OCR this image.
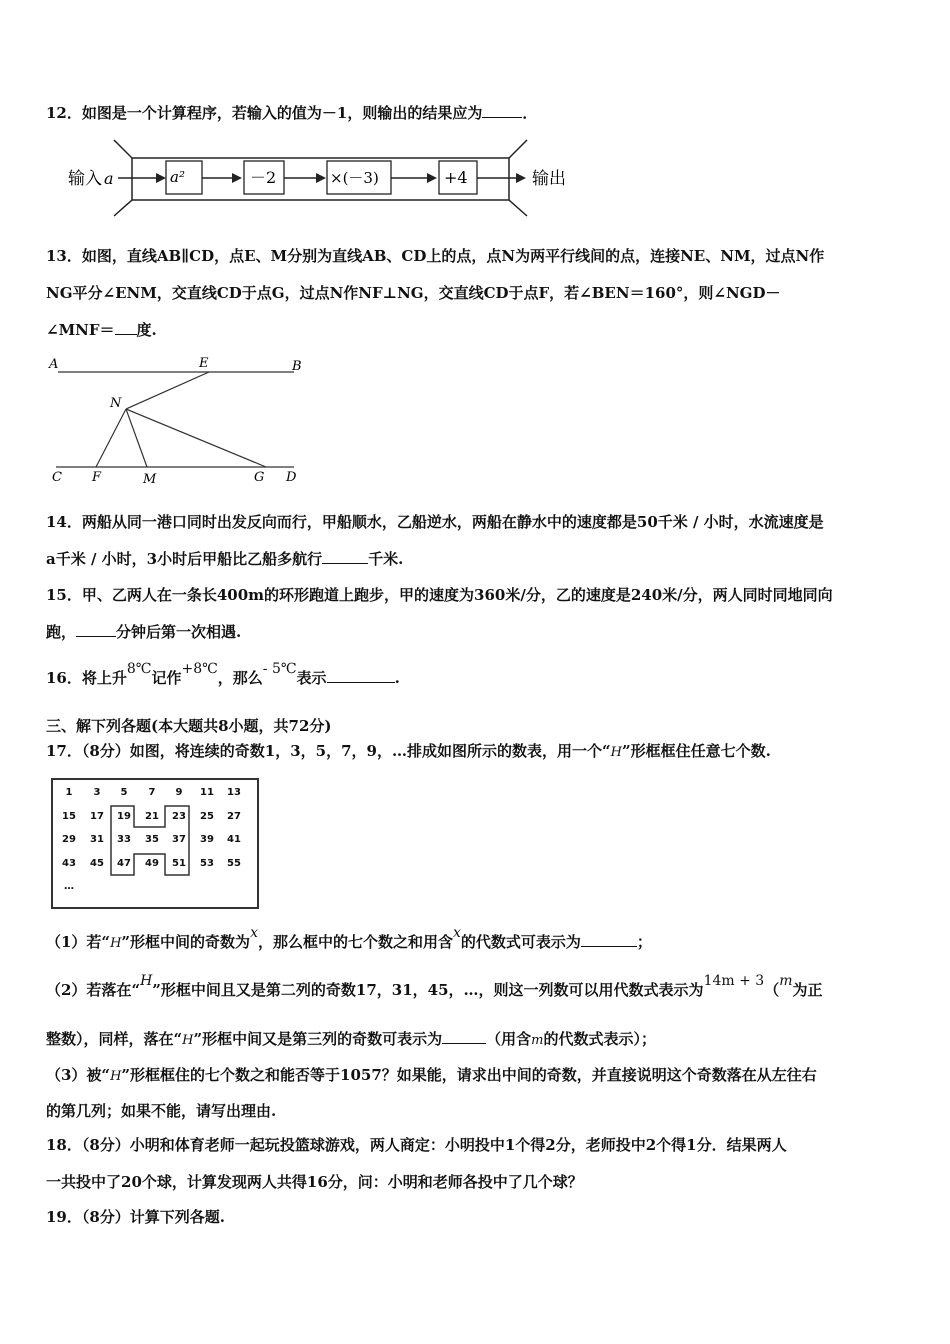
12．如图是一个计算程序，若输入的值为－1，则输出的结果应为	．
输入 a	a²	－2	×(－3)	+4	输出
13．如图，直线AB∥CD，点E、M分别为直线AB、CD上的点，点N为两平行线间的点，连接NE、NM，过点N作
NG平分∠ENM，交直线CD于点G，过点N作NF⊥NG，交直线CD于点F，若∠BEN＝160°，则∠NGD－
∠MNF＝ 度.
A	E	B
N
C F	M	G D
14．两船从同一港口同时出发反向而行，甲船顺水，乙船逆水，两船在静水中的速度都是50千米 / 小时，水流速度是
a千米 / 小时，3小时后甲船比乙船多航行	千米.
15．甲、乙两人在一条长400m的环形跑道上跑步，甲的速度为360米/分，乙的速度是240米/分，两人同时同地同向
跑，	分钟后第一次相遇.
16．将上升8℃记作+8℃，那么- 5℃表示	.
三、解下列各题(本大题共8小题，共72分)
17．（8分）如图，将连续的奇数1，3，5，7，9，…排成如图所示的数表，用一个“H”形框框住任意七个数.
1	3	5	7	9	11	13
15	17	19	21	23	25	27
29	31	33	35	37	39	41
43	45	47	49	51	53	55
…
（1）若“H”形框中间的奇数为x，那么框中的七个数之和用含x的代数式可表示为	；
（2）若落在“H”形框中间且又是第二列的奇数17，31，45，…，则这一列数可以用代数式表示为14m + 3（m为正
整数），同样，落在“H”形框中间又是第三列的奇数可表示为	（用含m的代数式表示）；
（3）被“H”形框框住的七个数之和能否等于1057？如果能，请求出中间的奇数，并直接说明这个奇数落在从左往右
的第几列；如果不能，请写出理由.
18．（8分）小明和体育老师一起玩投篮球游戏，两人商定：小明投中1个得2分，老师投中2个得1分．结果两人
一共投中了20个球，计算发现两人共得16分，问：小明和老师各投中了几个球？
19．（8分）计算下列各题.
